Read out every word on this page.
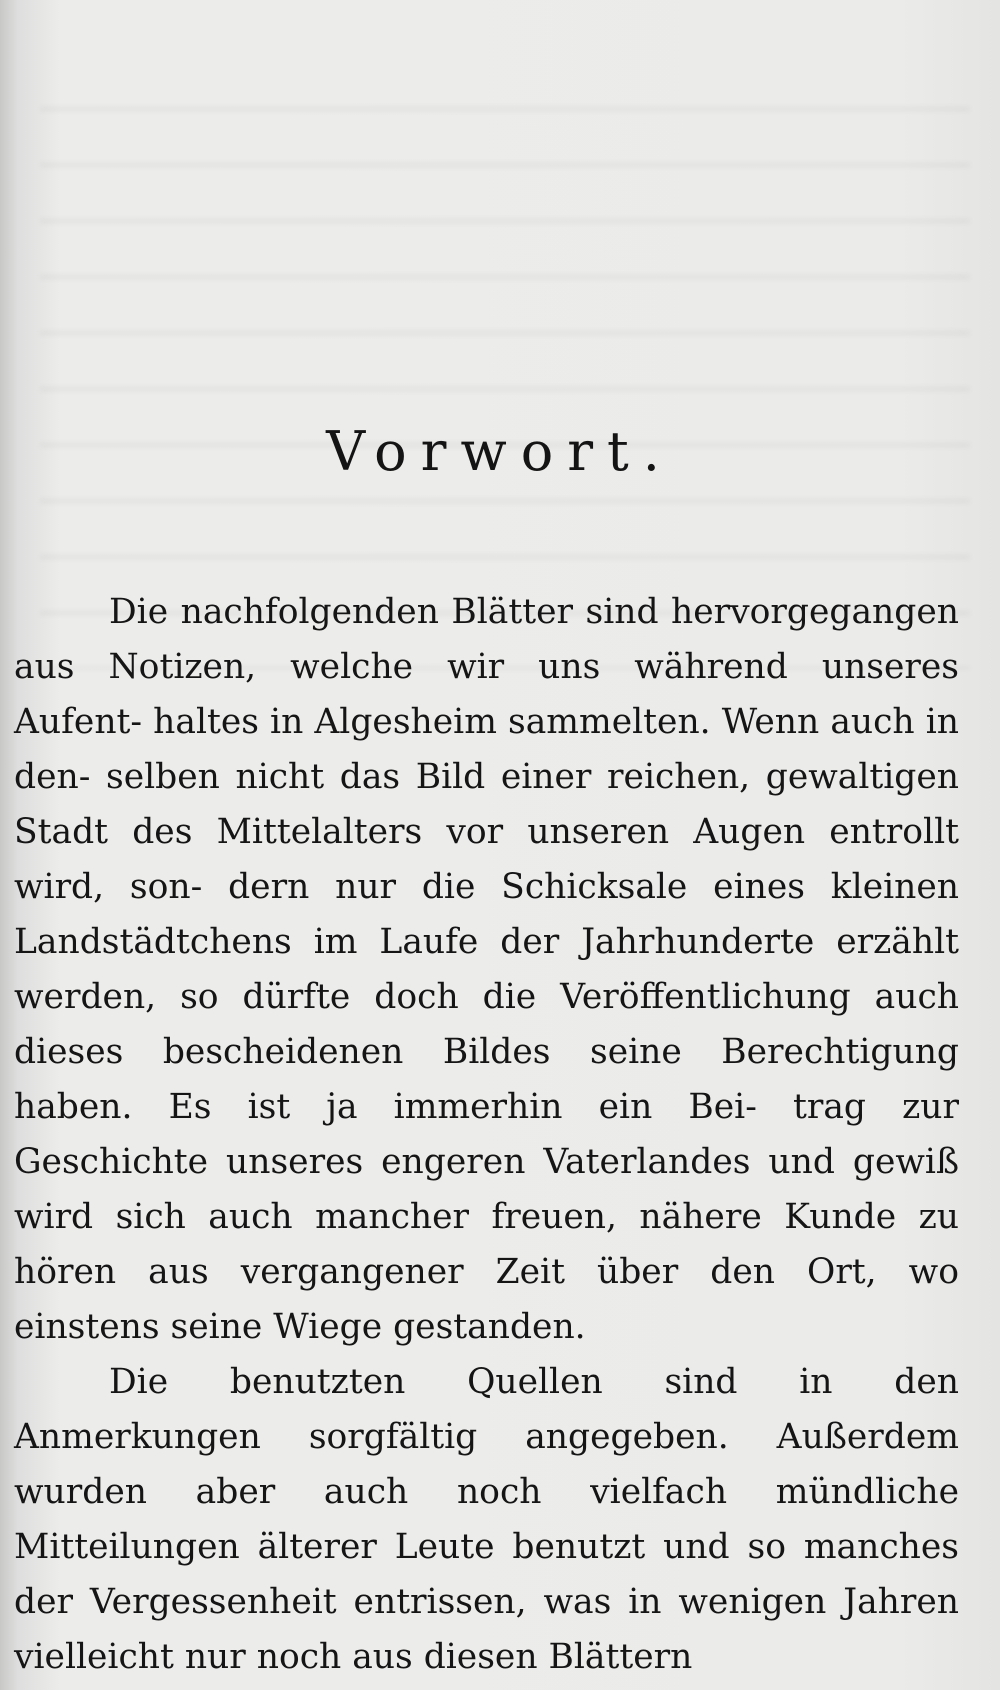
Vorwort.

Die nachfolgenden Blätter sind hervorgegangen aus Notizen, welche wir uns während unseres Aufent- haltes in Algesheim sammelten. Wenn auch in den- selben nicht das Bild einer reichen, gewaltigen Stadt des Mittelalters vor unseren Augen entrollt wird, son- dern nur die Schicksale eines kleinen Landstädtchens im Laufe der Jahrhunderte erzählt werden, so dürfte doch die Veröffentlichung auch dieses bescheidenen Bildes seine Berechtigung haben. Es ist ja immerhin ein Bei- trag zur Geschichte unseres engeren Vaterlandes und gewiß wird sich auch mancher freuen, nähere Kunde zu hören aus vergangener Zeit über den Ort, wo einstens seine Wiege gestanden.

Die benutzten Quellen sind in den Anmerkungen sorgfältig angegeben. Außerdem wurden aber auch noch vielfach mündliche Mitteilungen älterer Leute benutzt und so manches der Vergessenheit entrissen, was in wenigen Jahren vielleicht nur noch aus diesen Blättern
